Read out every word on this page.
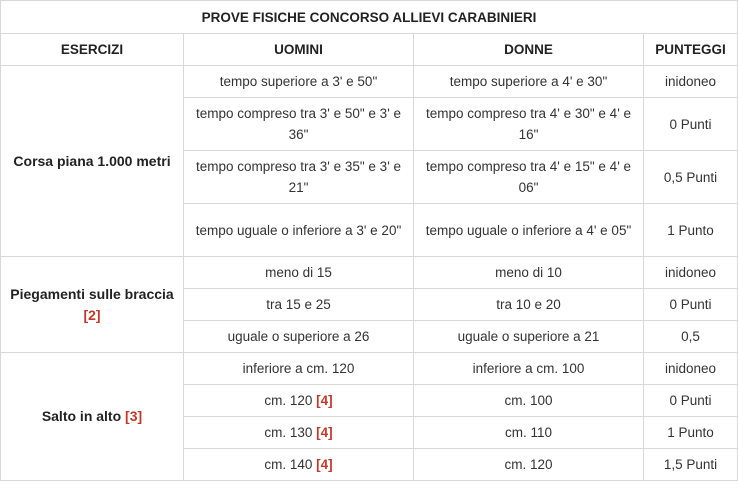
PROVE FISICHE CONCORSO ALLIEVI CARABINIERI			
ESERCIZI	UOMINI	DONNE	PUNTEGGI
Corsa piana 1.000 metri	tempo superiore a 3' e 50"	tempo superiore a 4' e 30"	inidoneo
	tempo compreso tra 3' e 50" e 3' e 36"	tempo compreso tra 4' e 30" e 4' e 16"	0 Punti
	tempo compreso tra 3' e 35" e 3' e 21"	tempo compreso tra 4' e 15" e 4' e 06"	0,5 Punti
	tempo uguale o inferiore a 3' e 20"	tempo uguale o inferiore a 4' e 05"	1 Punto
Piegamenti sulle braccia [2]	meno di 15	meno di 10	inidoneo
	tra 15 e 25	tra 10 e 20	0 Punti
	uguale o superiore a 26	uguale o superiore a 21	0,5
Salto in alto [3]	inferiore a cm. 120	inferiore a cm. 100	inidoneo
	cm. 120 [4]	cm. 100	0 Punti
	cm. 130 [4]	cm. 110	1 Punto
	cm. 140 [4]	cm. 120	1,5 Punti
